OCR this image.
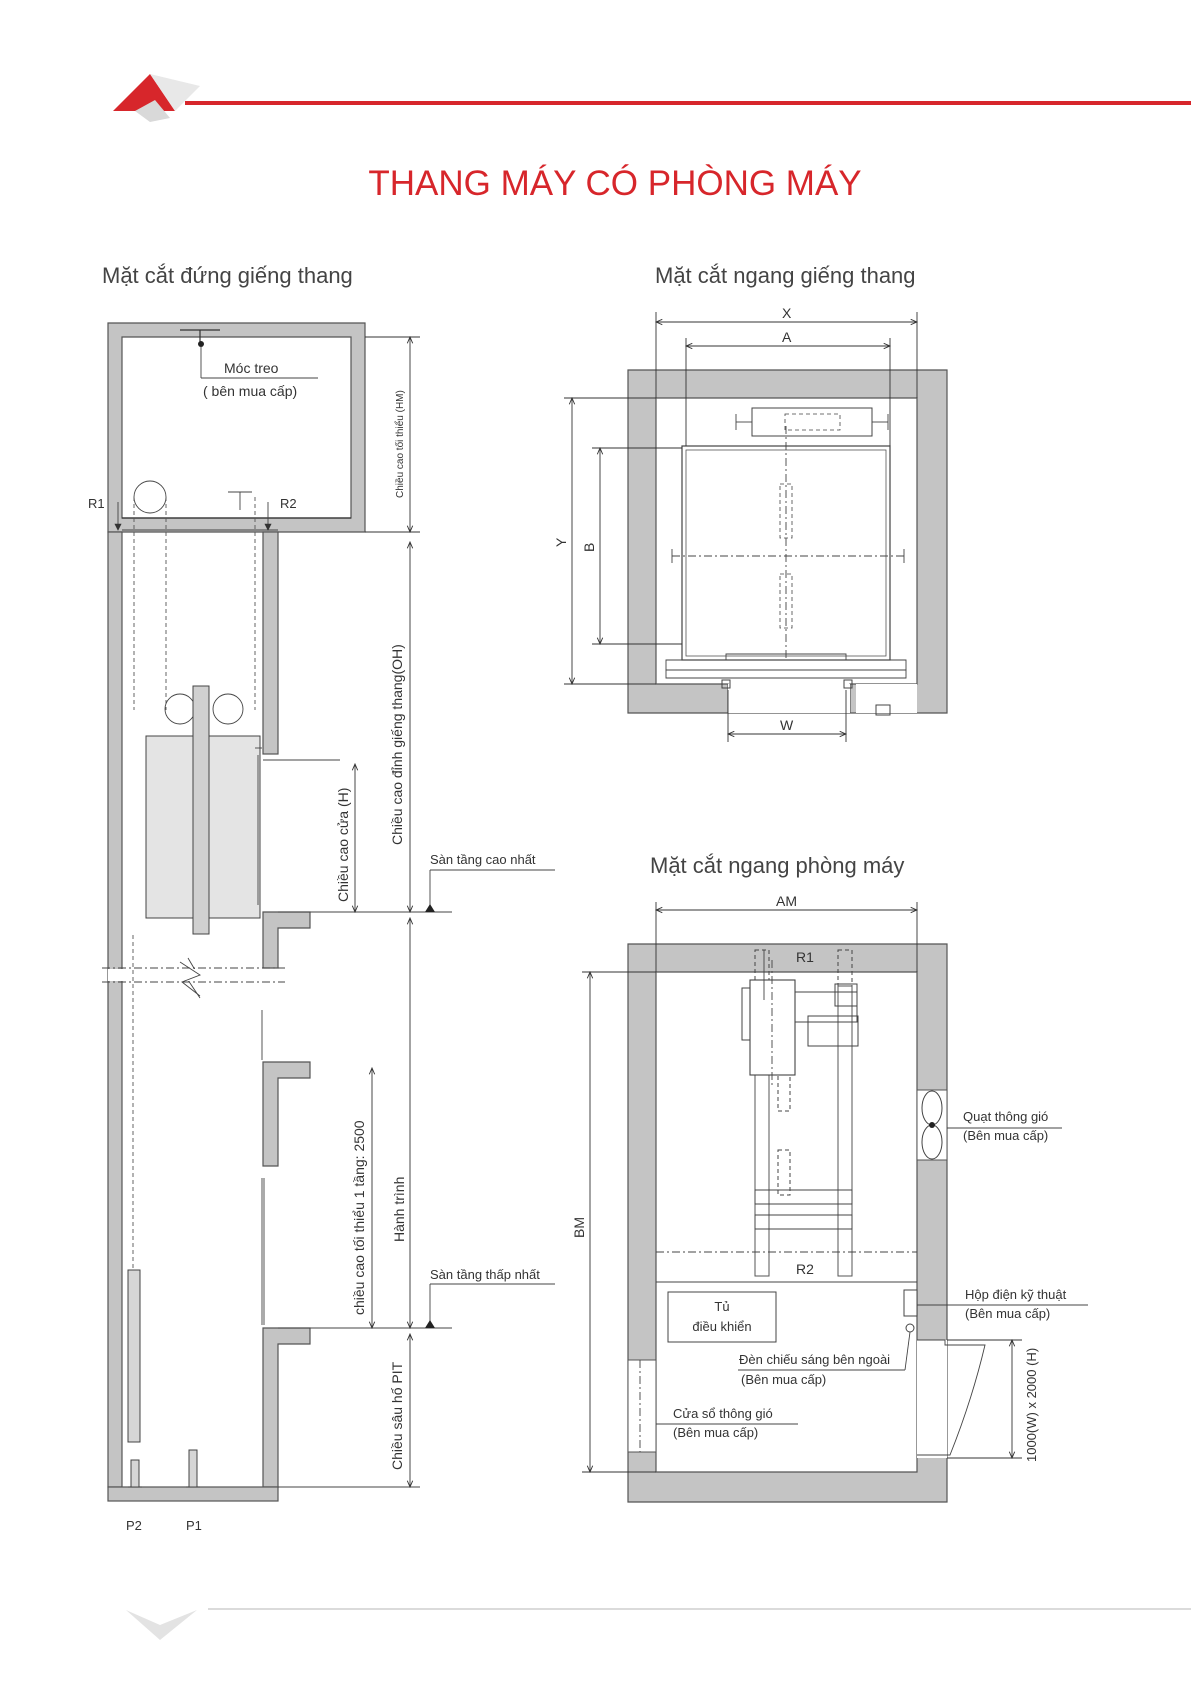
THANG MÁY CÓ PHÒNG MÁY
Mặt cắt đứng giếng thang	Mặt cắt ngang giếng thang
Mặt cắt ngang phòng máy
Móc treo
( bên mua cấp)
R1	R2
Chiều cao tối thiểu (HM)
Chiều cao đỉnh giếng thang(OH)
Chiều cao cửa (H)	Sàn tầng cao nhất
chiều cao tối thiểu 1 tầng: 2500 Hành trình
Sàn tầng thấp nhất
Chiều sâu hố PIT
P2	P1
X
A
Y
B
W
AM
BM
R1
R2
Quạt thông gió
(Bên mua cấp)
Hộp điện kỹ thuật
(Bên mua cấp)
Tủ
điều khiển
Đèn chiếu sáng bên ngoài
(Bên mua cấp)
Cửa sổ thông gió
(Bên mua cấp)	1000(W) x 2000 (H)
